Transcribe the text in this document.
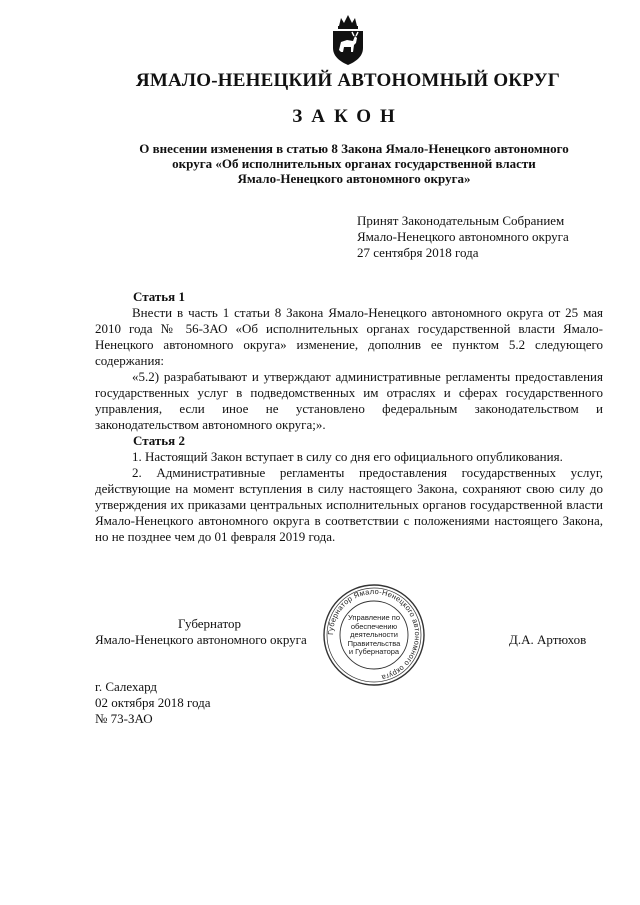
ЯМАЛО-НЕНЕЦКИЙ АВТОНОМНЫЙ ОКРУГ
ЗАКОН
О внесении изменения в статью 8 Закона Ямало-Ненецкого автономного
округа «Об исполнительных органах государственной власти
Ямало-Ненецкого автономного округа»
Принят Законодательным Собранием
Ямало-Ненецкого автономного округа
27 сентября 2018 года
Статья 1

Внести в часть 1 статьи 8 Закона Ямало-Ненецкого автономного округа от 25 мая 2010 года № 56-ЗАО «Об исполнительных органах государственной власти Ямало-Ненецкого автономного округа» изменение, дополнив ее пунктом 5.2 следующего содержания:

«5.2) разрабатывают и утверждают административные регламенты предоставления государственных услуг в подведомственных им отраслях и сферах государственного управления, если иное не установлено федеральным законодательством и законодательством автономного округа;».

Статья 2

1. Настоящий Закон вступает в силу со дня его официального опубликования.

2. Административные регламенты предоставления государственных услуг, действующие на момент вступления в силу настоящего Закона, сохраняют свою силу до утверждения их приказами центральных исполнительных органов государственной власти Ямало-Ненецкого автономного округа в соответствии с положениями настоящего Закона, но не позднее чем до 01 февраля 2019 года.

Губернатор Ямало-Ненецкого автономного округа
Управление по
обеспечению
деятельности
Правительства
и Губернатора
Губернатор
Ямало-Ненецкого автономного округа	Д.А. Артюхов
г. Салехард
02 октября 2018 года
№ 73-ЗАО
